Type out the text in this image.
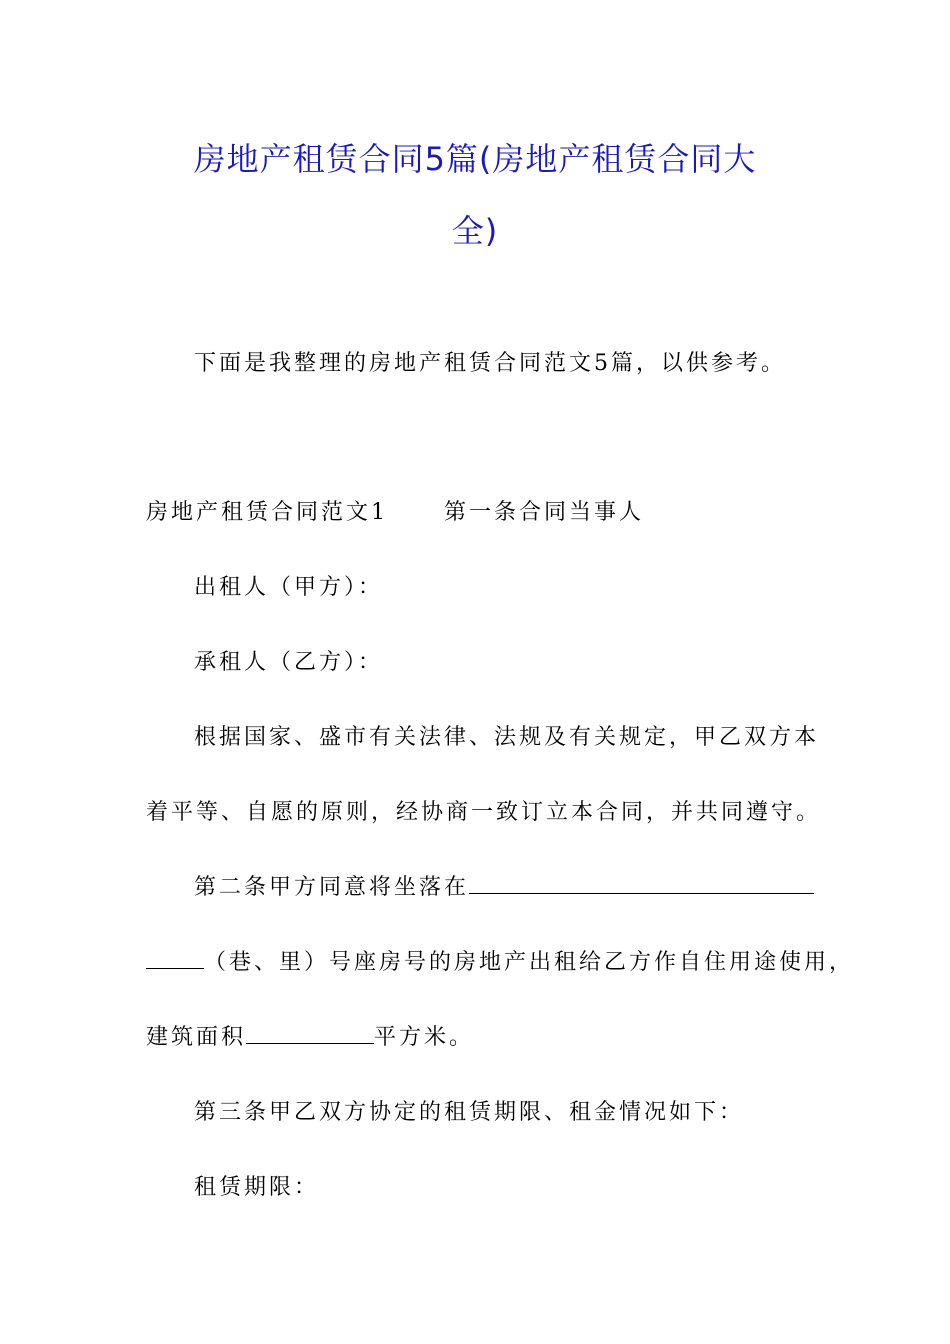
房地产租赁合同5篇(房地产租赁合同大
全)
下面是我整理的房地产租赁合同范文5篇，以供参考。
房地产租赁合同范文1	第一条合同当事人
出租人（甲方）：
承租人（乙方）：
根据国家、盛市有关法律、法规及有关规定，甲乙双方本
着平等、自愿的原则，经协商一致订立本合同，并共同遵守。
第二条甲方同意将坐落在
（巷、里）号座房号的房地产出租给乙方作自住用途使用，
建筑面积	平方米。
第三条甲乙双方协定的租赁期限、租金情况如下：
租赁期限：
